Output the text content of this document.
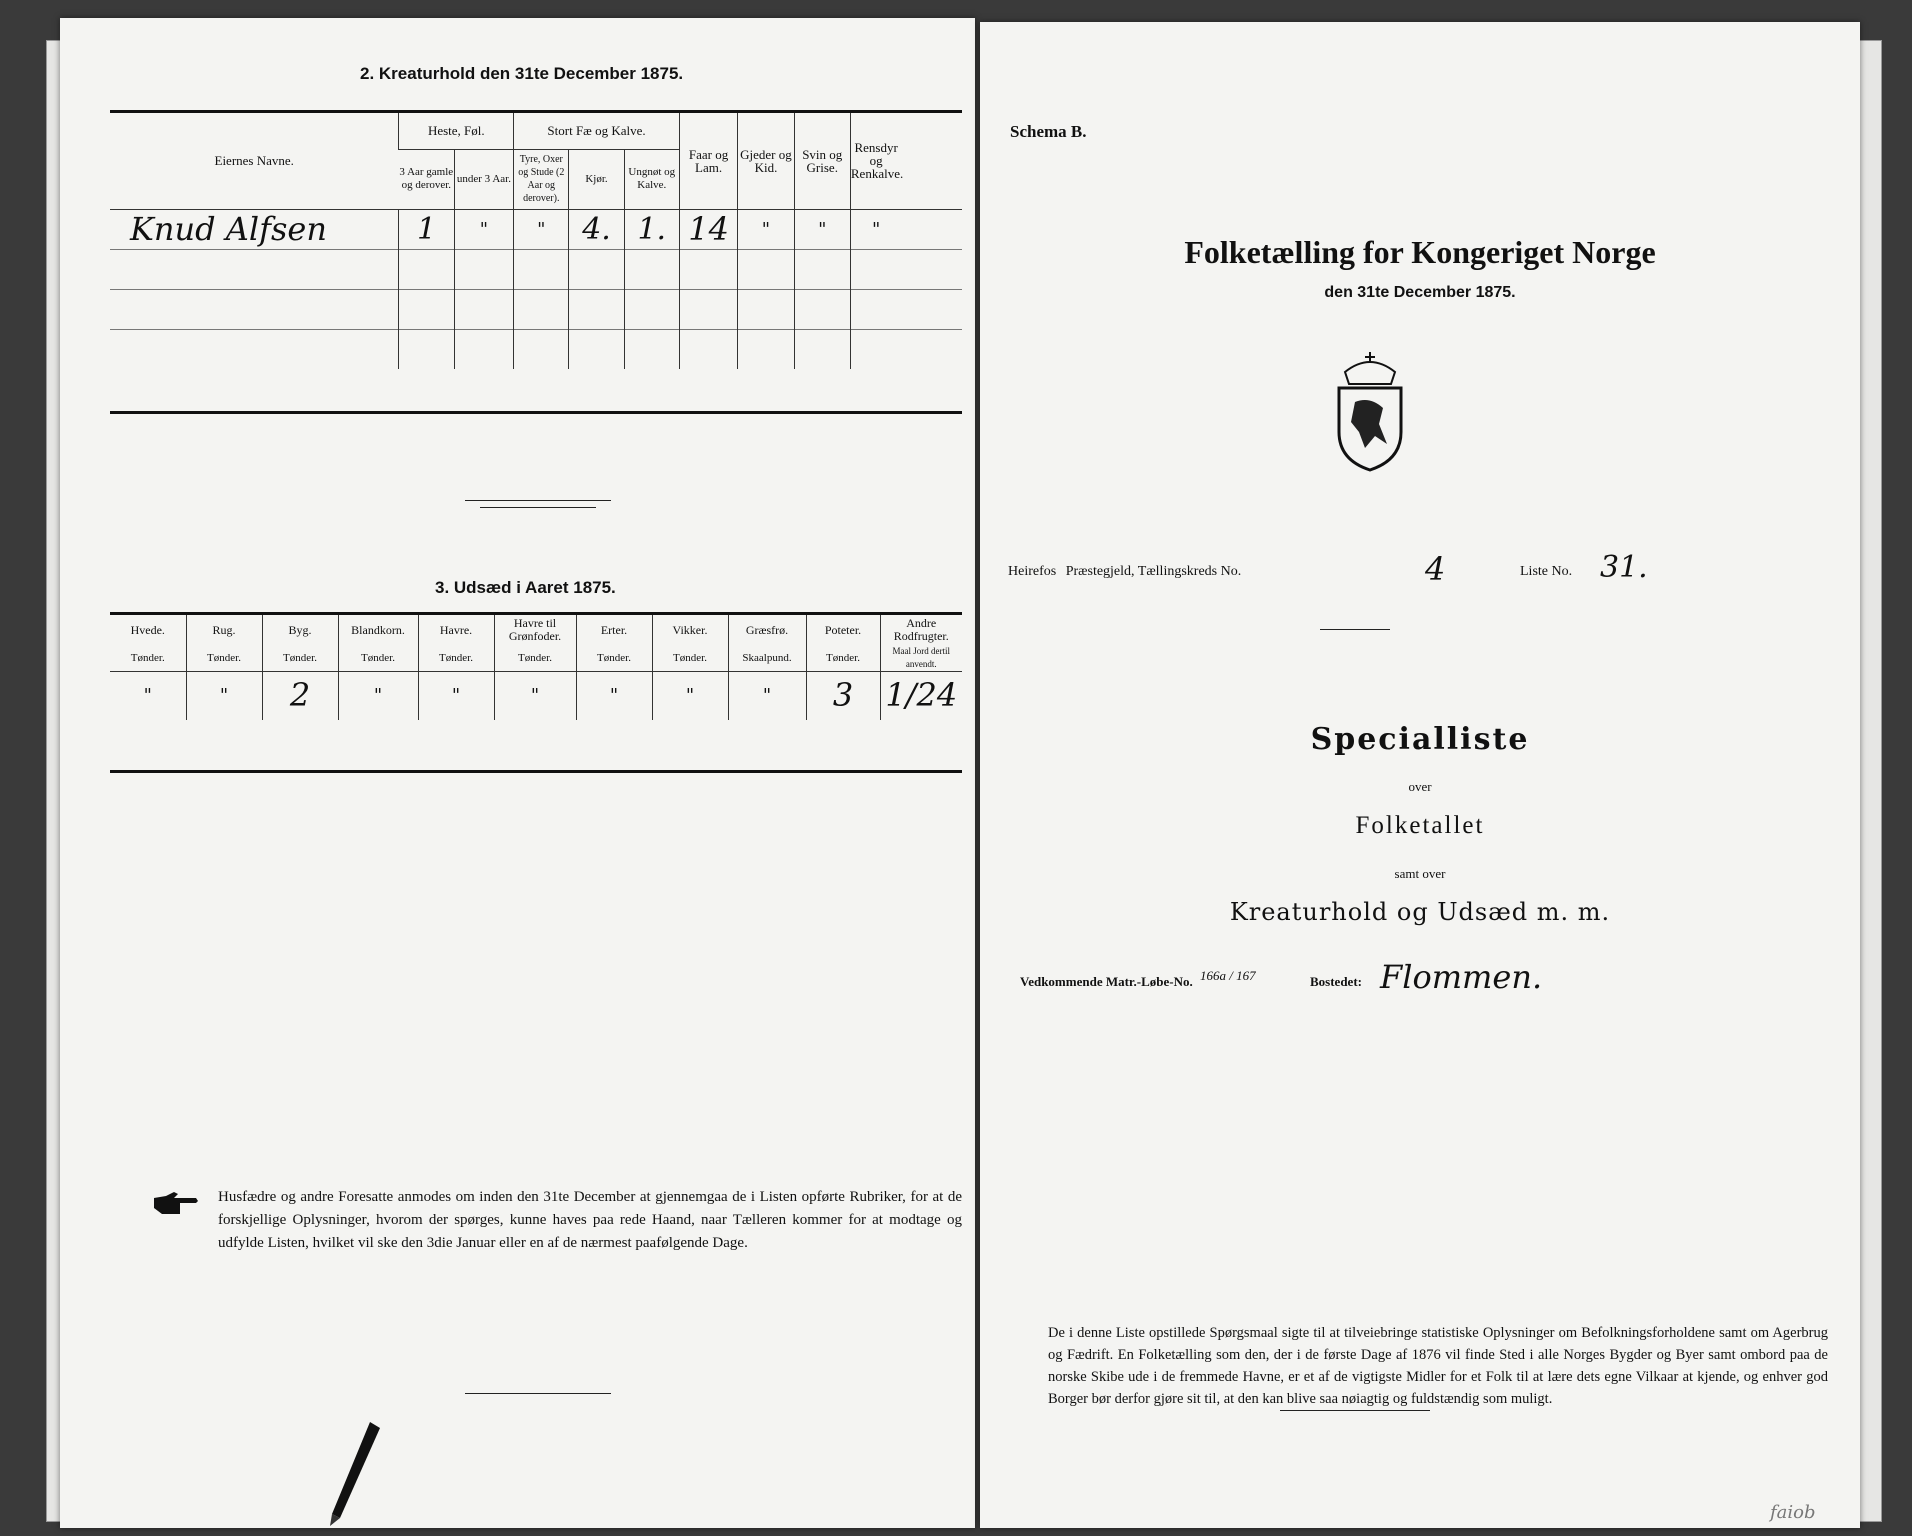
2. Kreaturhold den 31te December 1875.
Eiernes Navne.	Heste, Føl.		Stort Fæ og Kalve.			Faar og Lam.	Gjeder og Kid.	Svin og Grise.	Rensdyr og Renkalve.	
	3 Aar gamle og derover.	under 3 Aar.	Tyre, Oxer og Stude (2 Aar og derover).	Kjør.	Ungnøt og Kalve.					
Knud Alfsen	1	"	"	4.	1.	14	"	"	"	

3. Udsæd i Aaret 1875.
Hvede.	Rug.	Byg.	Blandkorn.	Havre.	Havre til Grønfoder.	Erter.	Vikker.	Græsfrø.	Poteter.	Andre Rodfrugter.
Tønder.	Tønder.	Tønder.	Tønder.	Tønder.	Tønder.	Tønder.	Tønder.	Skaalpund.	Tønder.	Maal Jord dertil anvendt.
"	"	2	"	"	"	"	"	"	3	1/24
Husfædre og andre Foresatte anmodes om inden den 31te December at gjennemgaa de i Listen opførte Rubriker, for at de forskjellige Oplysninger, hvorom der spørges, kunne haves paa rede Haand, naar Tælleren kommer for at modtage og udfylde Listen, hvilket vil ske den 3die Januar eller en af de nærmest paafølgende Dage.
Schema B.
Folketælling for Kongeriget Norge
den 31te December 1875.
Heirefos Præstegjeld, Tællingskreds No.	4	Liste No. 31.
Specialliste
over
Folketallet
samt over
Kreaturhold og Udsæd m. m.
Vedkommende Matr.-Løbe-No. 166a / 167	Bostedet: Flommen.
De i denne Liste opstillede Spørgsmaal sigte til at tilveiebringe statistiske Oplysninger om Befolkningsforholdene samt om Agerbrug og Fædrift. En Folketælling som den, der i de første Dage af 1876 vil finde Sted i alle Norges Bygder og Byer samt ombord paa de norske Skibe ude i de fremmede Havne, er et af de vigtigste Midler for et Folk til at lære dets egne Vilkaar at kjende, og enhver god Borger bør derfor gjøre sit til, at den kan blive saa nøiagtig og fuldstændig som muligt.
faiob
